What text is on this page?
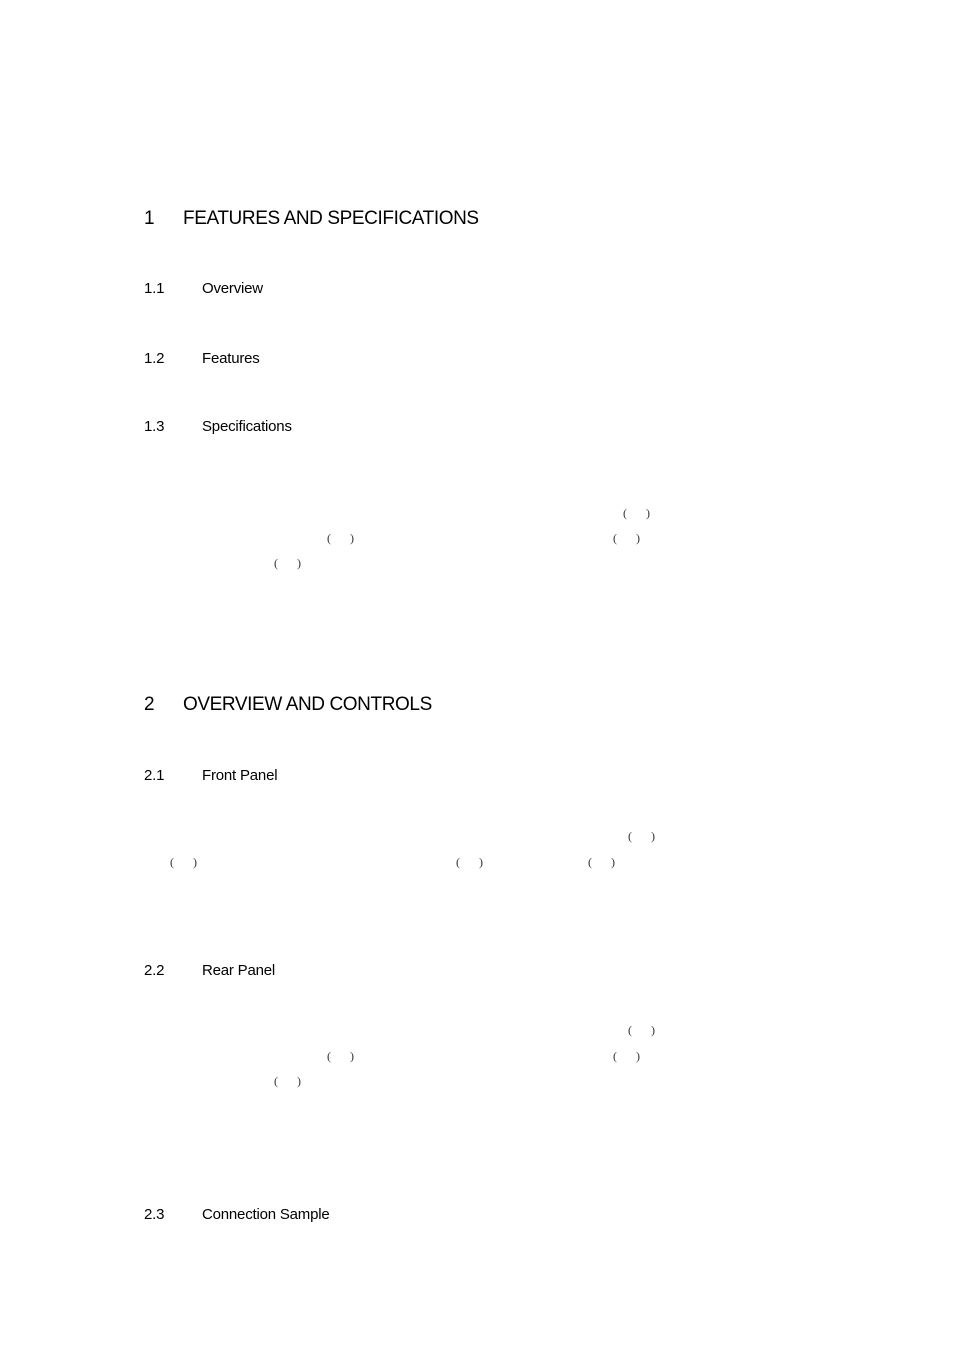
1 FEATURES AND SPECIFICATIONS
1.1	Overview
1.2	Features
1.3	Specifications
( )
( )	( )
( )
2 OVERVIEW AND CONTROLS
2.1	Front Panel
( )
( )	( )	( )
2.2	Rear Panel
( )
( )	( )
( )
2.3	Connection Sample
